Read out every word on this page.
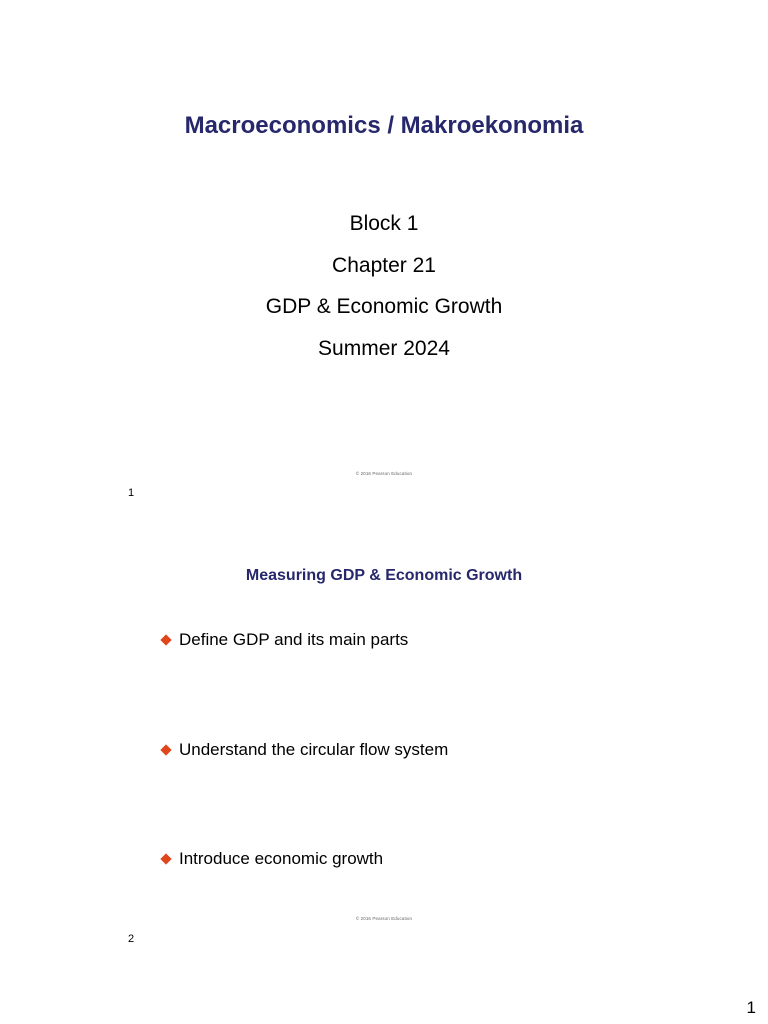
Macroeconomics / Makroekonomia
Block 1
Chapter 21
GDP & Economic Growth
Summer 2024
© 2016 Pearson Education
1
Measuring GDP & Economic Growth
Define GDP and its main parts
Understand the circular flow system
Introduce economic growth
© 2016 Pearson Education
2
1
